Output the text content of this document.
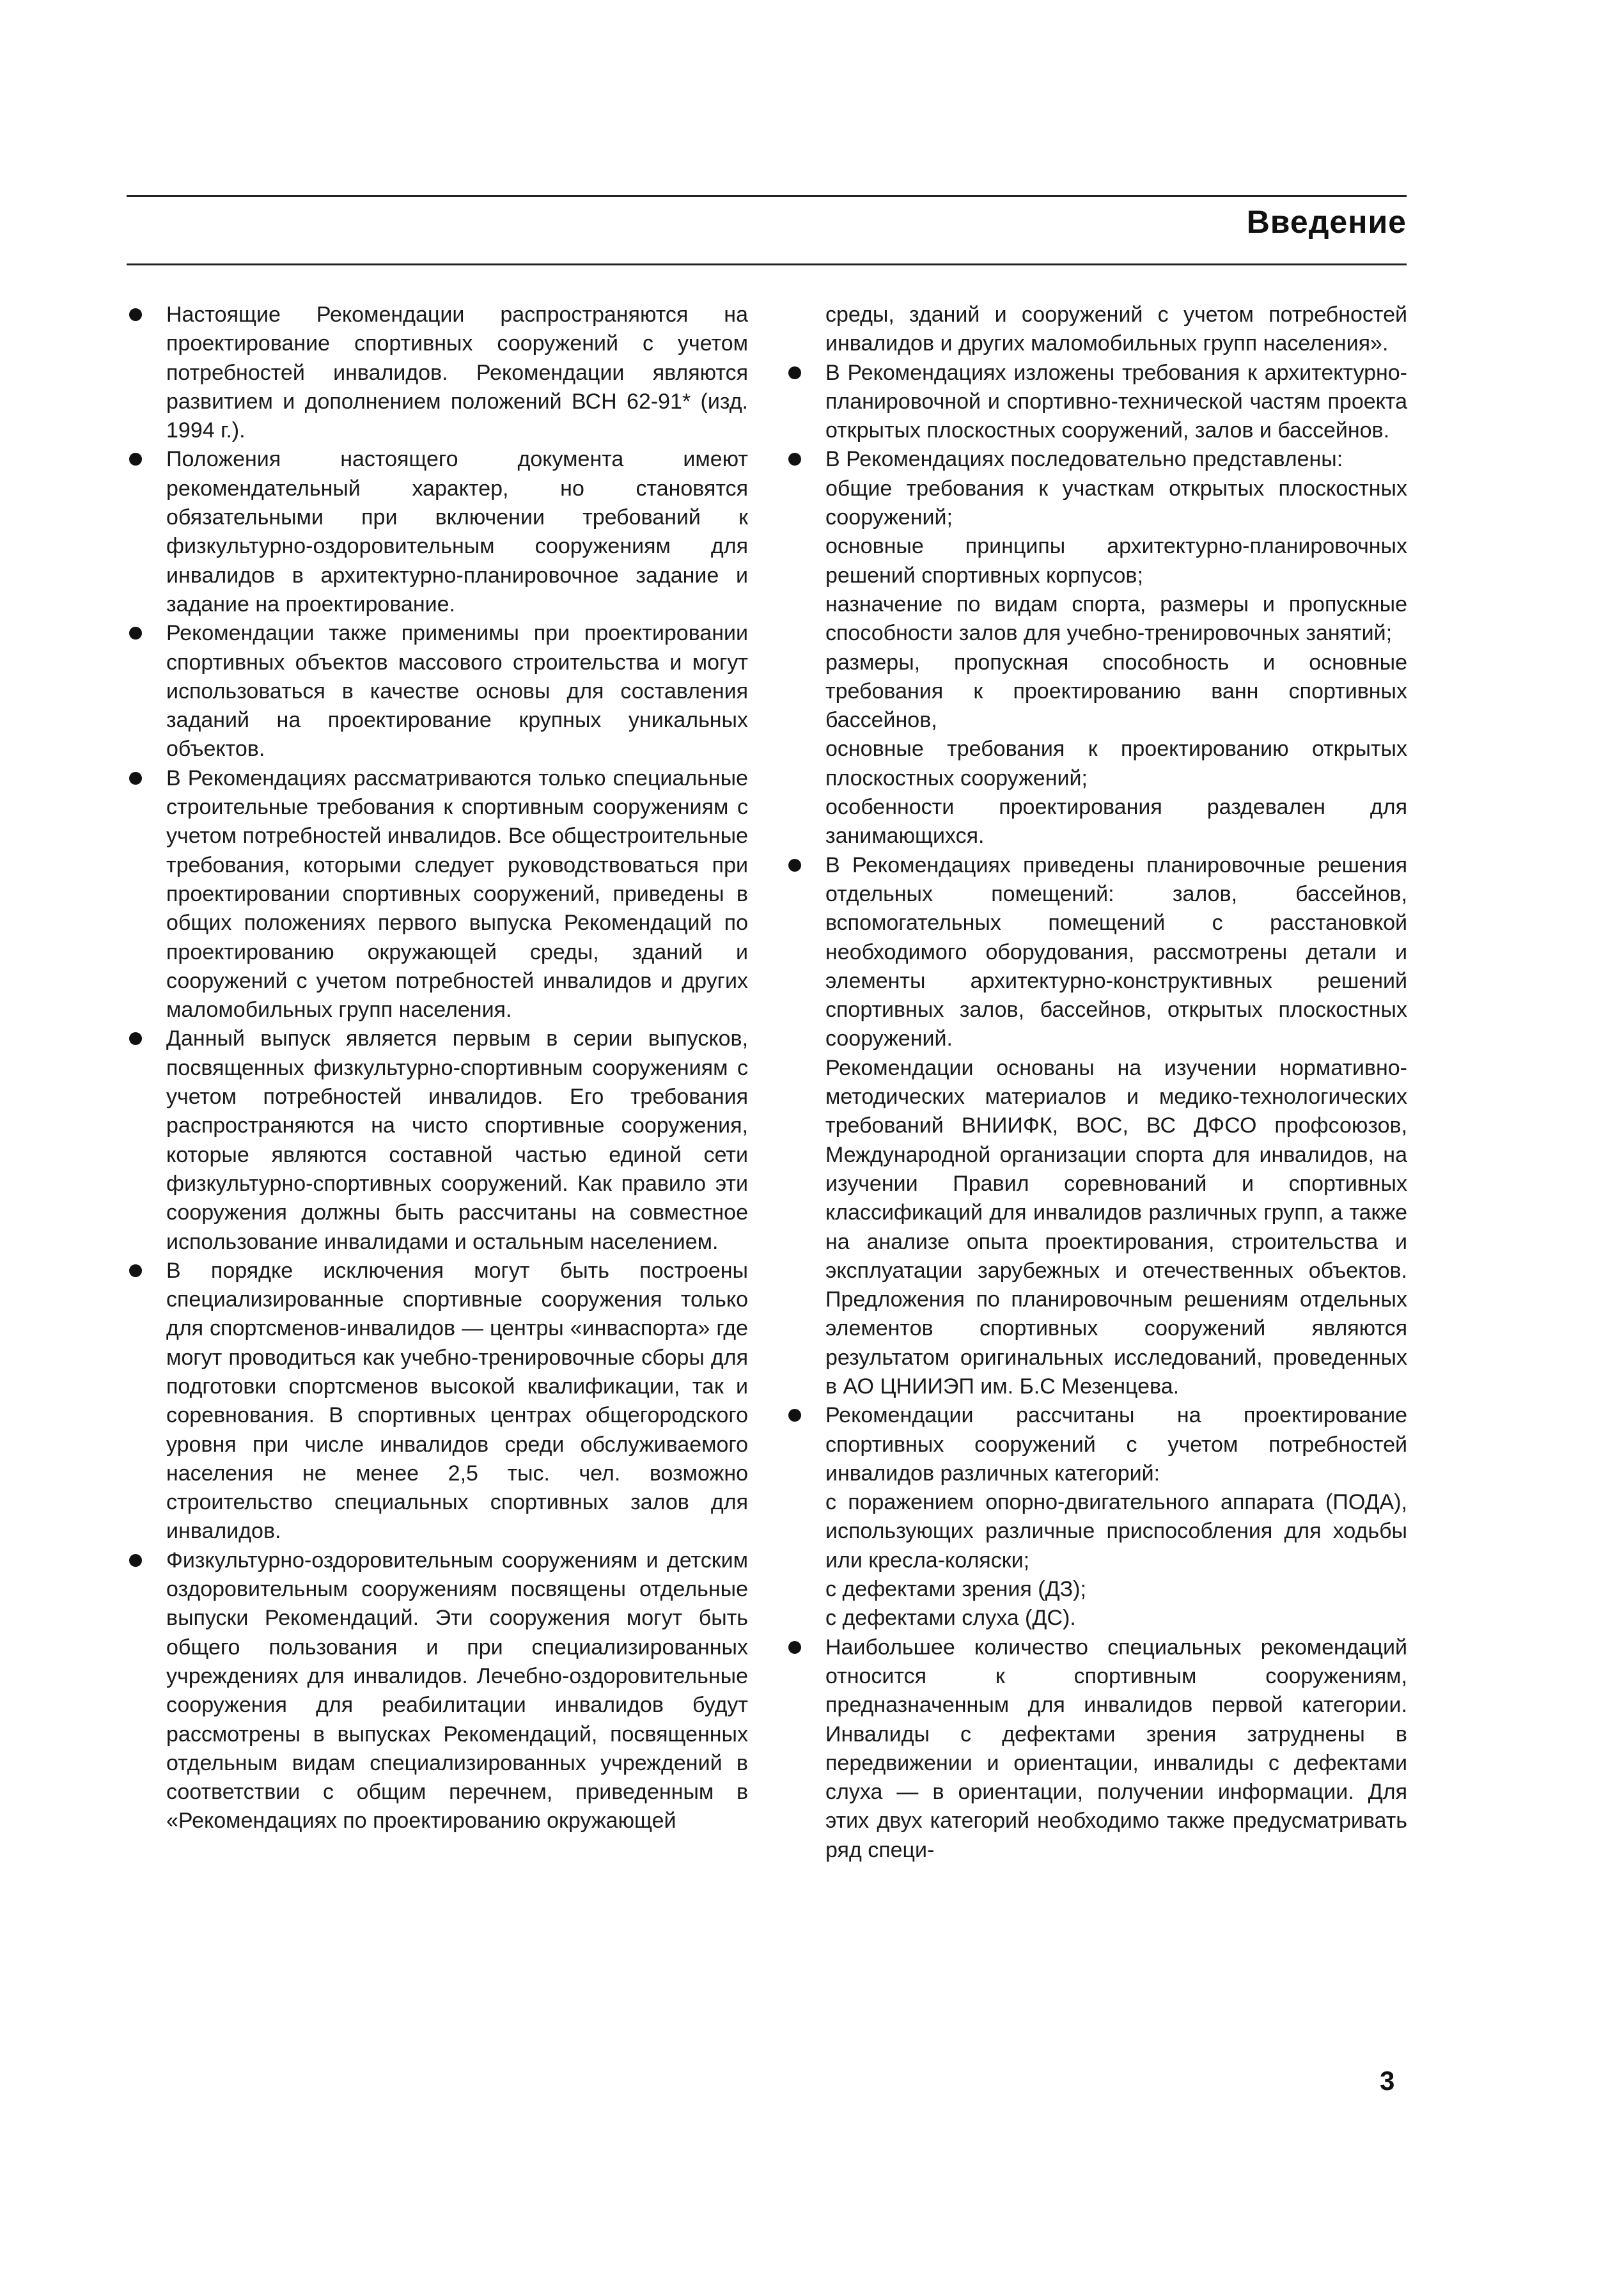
Введение

Настоящие Рекомендации распространяются на проектирование спортивных сооружений с учетом потребностей инвалидов. Рекомендации являются развитием и дополнением положений ВСН 62-91* (изд. 1994 г.).

Положения настоящего документа имеют рекомендательный характер, но становятся обязательными при включении требований к физкультурно-оздоровительным сооружениям для инвалидов в архитектурно-планировочное задание и задание на проектирование.

Рекомендации также применимы при проектировании спортивных объектов массового строительства и могут использоваться в качестве основы для составления заданий на проектирование крупных уникальных объектов.

В Рекомендациях рассматриваются только специальные строительные требования к спортивным сооружениям с учетом потребностей инвалидов. Все общестроительные требования, которыми следует руководствоваться при проектировании спортивных сооружений, приведены в общих положениях первого выпуска Рекомендаций по проектированию окружающей среды, зданий и сооружений с учетом потребностей инвалидов и других маломобильных групп населения.

Данный выпуск является первым в серии выпусков, посвященных физкультурно-спортивным сооружениям с учетом потребностей инвалидов. Его требования распространяются на чисто спортивные сооружения, которые являются составной частью единой сети физкультурно-спортивных сооружений. Как правило эти сооружения должны быть рассчитаны на совместное использование инвалидами и остальным населением.

В порядке исключения могут быть построены специализированные спортивные сооружения только для спортсменов-инвалидов — центры «инваспорта» где могут проводиться как учебно-тренировочные сборы для подготовки спортсменов высокой квалификации, так и соревнования. В спортивных центрах общегородского уровня при числе инвалидов среди обслуживаемого населения не менее 2,5 тыс. чел. возможно строительство специальных спортивных залов для инвалидов.

Физкультурно-оздоровительным сооружениям и детским оздоровительным сооружениям посвящены отдельные выпуски Рекомендаций. Эти сооружения могут быть общего пользования и при специализированных учреждениях для инвалидов. Лечебно-оздоровительные сооружения для реабилитации инвалидов будут рассмотрены в выпусках Рекомендаций, посвященных отдельным видам специализированных учреждений в соответствии с общим перечнем, приведенным в «Рекомендациях по проектированию окружающей

среды, зданий и сооружений с учетом потребностей инвалидов и других маломобильных групп населения».

В Рекомендациях изложены требования к архитектурно-планировочной и спортивно-технической частям проекта открытых плоскостных сооружений, залов и бассейнов.

В Рекомендациях последовательно представлены:

общие требования к участкам открытых плоскостных сооружений;

основные принципы архитектурно-планировочных решений спортивных корпусов;

назначение по видам спорта, размеры и пропускные способности залов для учебно-тренировочных занятий;

размеры, пропускная способность и основные требования к проектированию ванн спортивных бассейнов,

основные требования к проектированию открытых плоскостных сооружений;

особенности проектирования раздевален для занимающихся.

В Рекомендациях приведены планировочные решения отдельных помещений: залов, бассейнов, вспомогательных помещений с расстановкой необходимого оборудования, рассмотрены детали и элементы архитектурно-конструктивных решений спортивных залов, бассейнов, открытых плоскостных сооружений.

Рекомендации основаны на изучении нормативно-методических материалов и медико-технологических требований ВНИИФК, ВОС, ВС ДФСО профсоюзов, Международной организации спорта для инвалидов, на изучении Правил соревнований и спортивных классификаций для инвалидов различных групп, а также на анализе опыта проектирования, строительства и эксплуатации зарубежных и отечественных объектов. Предложения по планировочным решениям отдельных элементов спортивных сооружений являются результатом оригинальных исследований, проведенных в АО ЦНИИЭП им. Б.С Мезенцева.

Рекомендации рассчитаны на проектирование спортивных сооружений с учетом потребностей инвалидов различных категорий:

с поражением опорно-двигательного аппарата (ПОДА), использующих различные приспособления для ходьбы или кресла-коляски;

с дефектами зрения (ДЗ);

с дефектами слуха (ДС).

Наибольшее количество специальных рекомендаций относится к спортивным сооружениям, предназначенным для инвалидов первой категории. Инвалиды с дефектами зрения затруднены в передвижении и ориентации, инвалиды с дефектами слуха — в ориентации, получении информации. Для этих двух категорий необходимо также предусматривать ряд специ-

3
